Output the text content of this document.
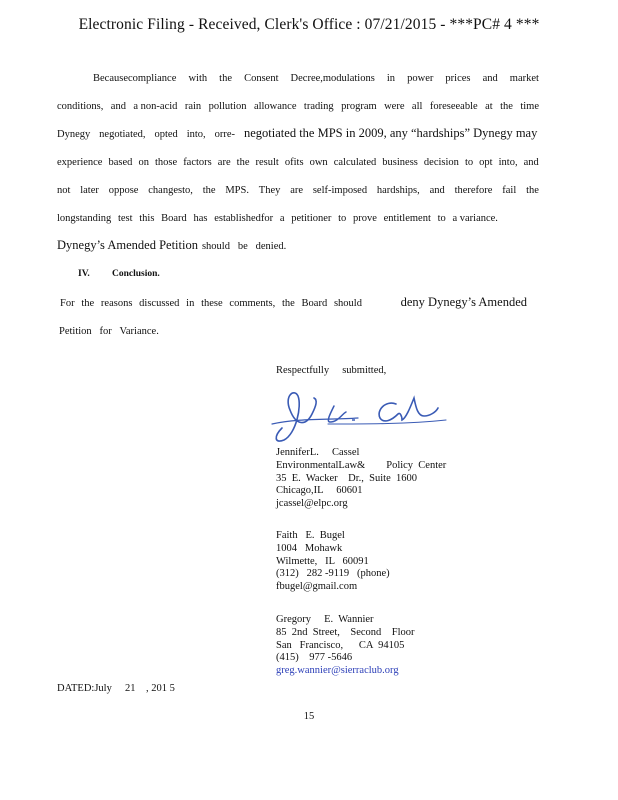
Electronic Filing - Received, Clerk's Office : 07/21/2015 - ***PC# 4 ***
Becausecompliance with the Consent Decree,modulations in power prices and market
conditions, and a non-acid rain pollution allowance trading program were all foreseeable at the time
Dynegy negotiated, opted into, orre- negotiated the MPS in 2009, any “hardships” Dynegy may
experience based on those factors are the result ofits own calculated business decision to opt into, and
not later oppose changesto, the MPS. They are self-imposed hardships, and therefore fail the
longstanding test this Board has establishedfor a petitioner to prove entitlement to a variance.
Dynegy’s Amended Petition should   be   denied.
IV. Conclusion.
For the reasons discussed in these comments, the Board should	deny Dynegy’s Amended
Petition   for   Variance.
Respectfully     submitted,
JenniferL.     Cassel
EnvironmentalLaw&        Policy  Center
35  E.  Wacker    Dr.,  Suite  1600
Chicago,IL     60601
jcassel@elpc.org
Faith   E.  Bugel
1004   Mohawk
Wilmette,   IL   60091
(312)   282 -9119   (phone)
fbugel@gmail.com
Gregory     E.  Wannier
85  2nd  Street,    Second    Floor
San   Francisco,      CA  94105
(415)    977 -5646
greg.wannier@sierraclub.org
DATED:July     21    , 201 5
15
